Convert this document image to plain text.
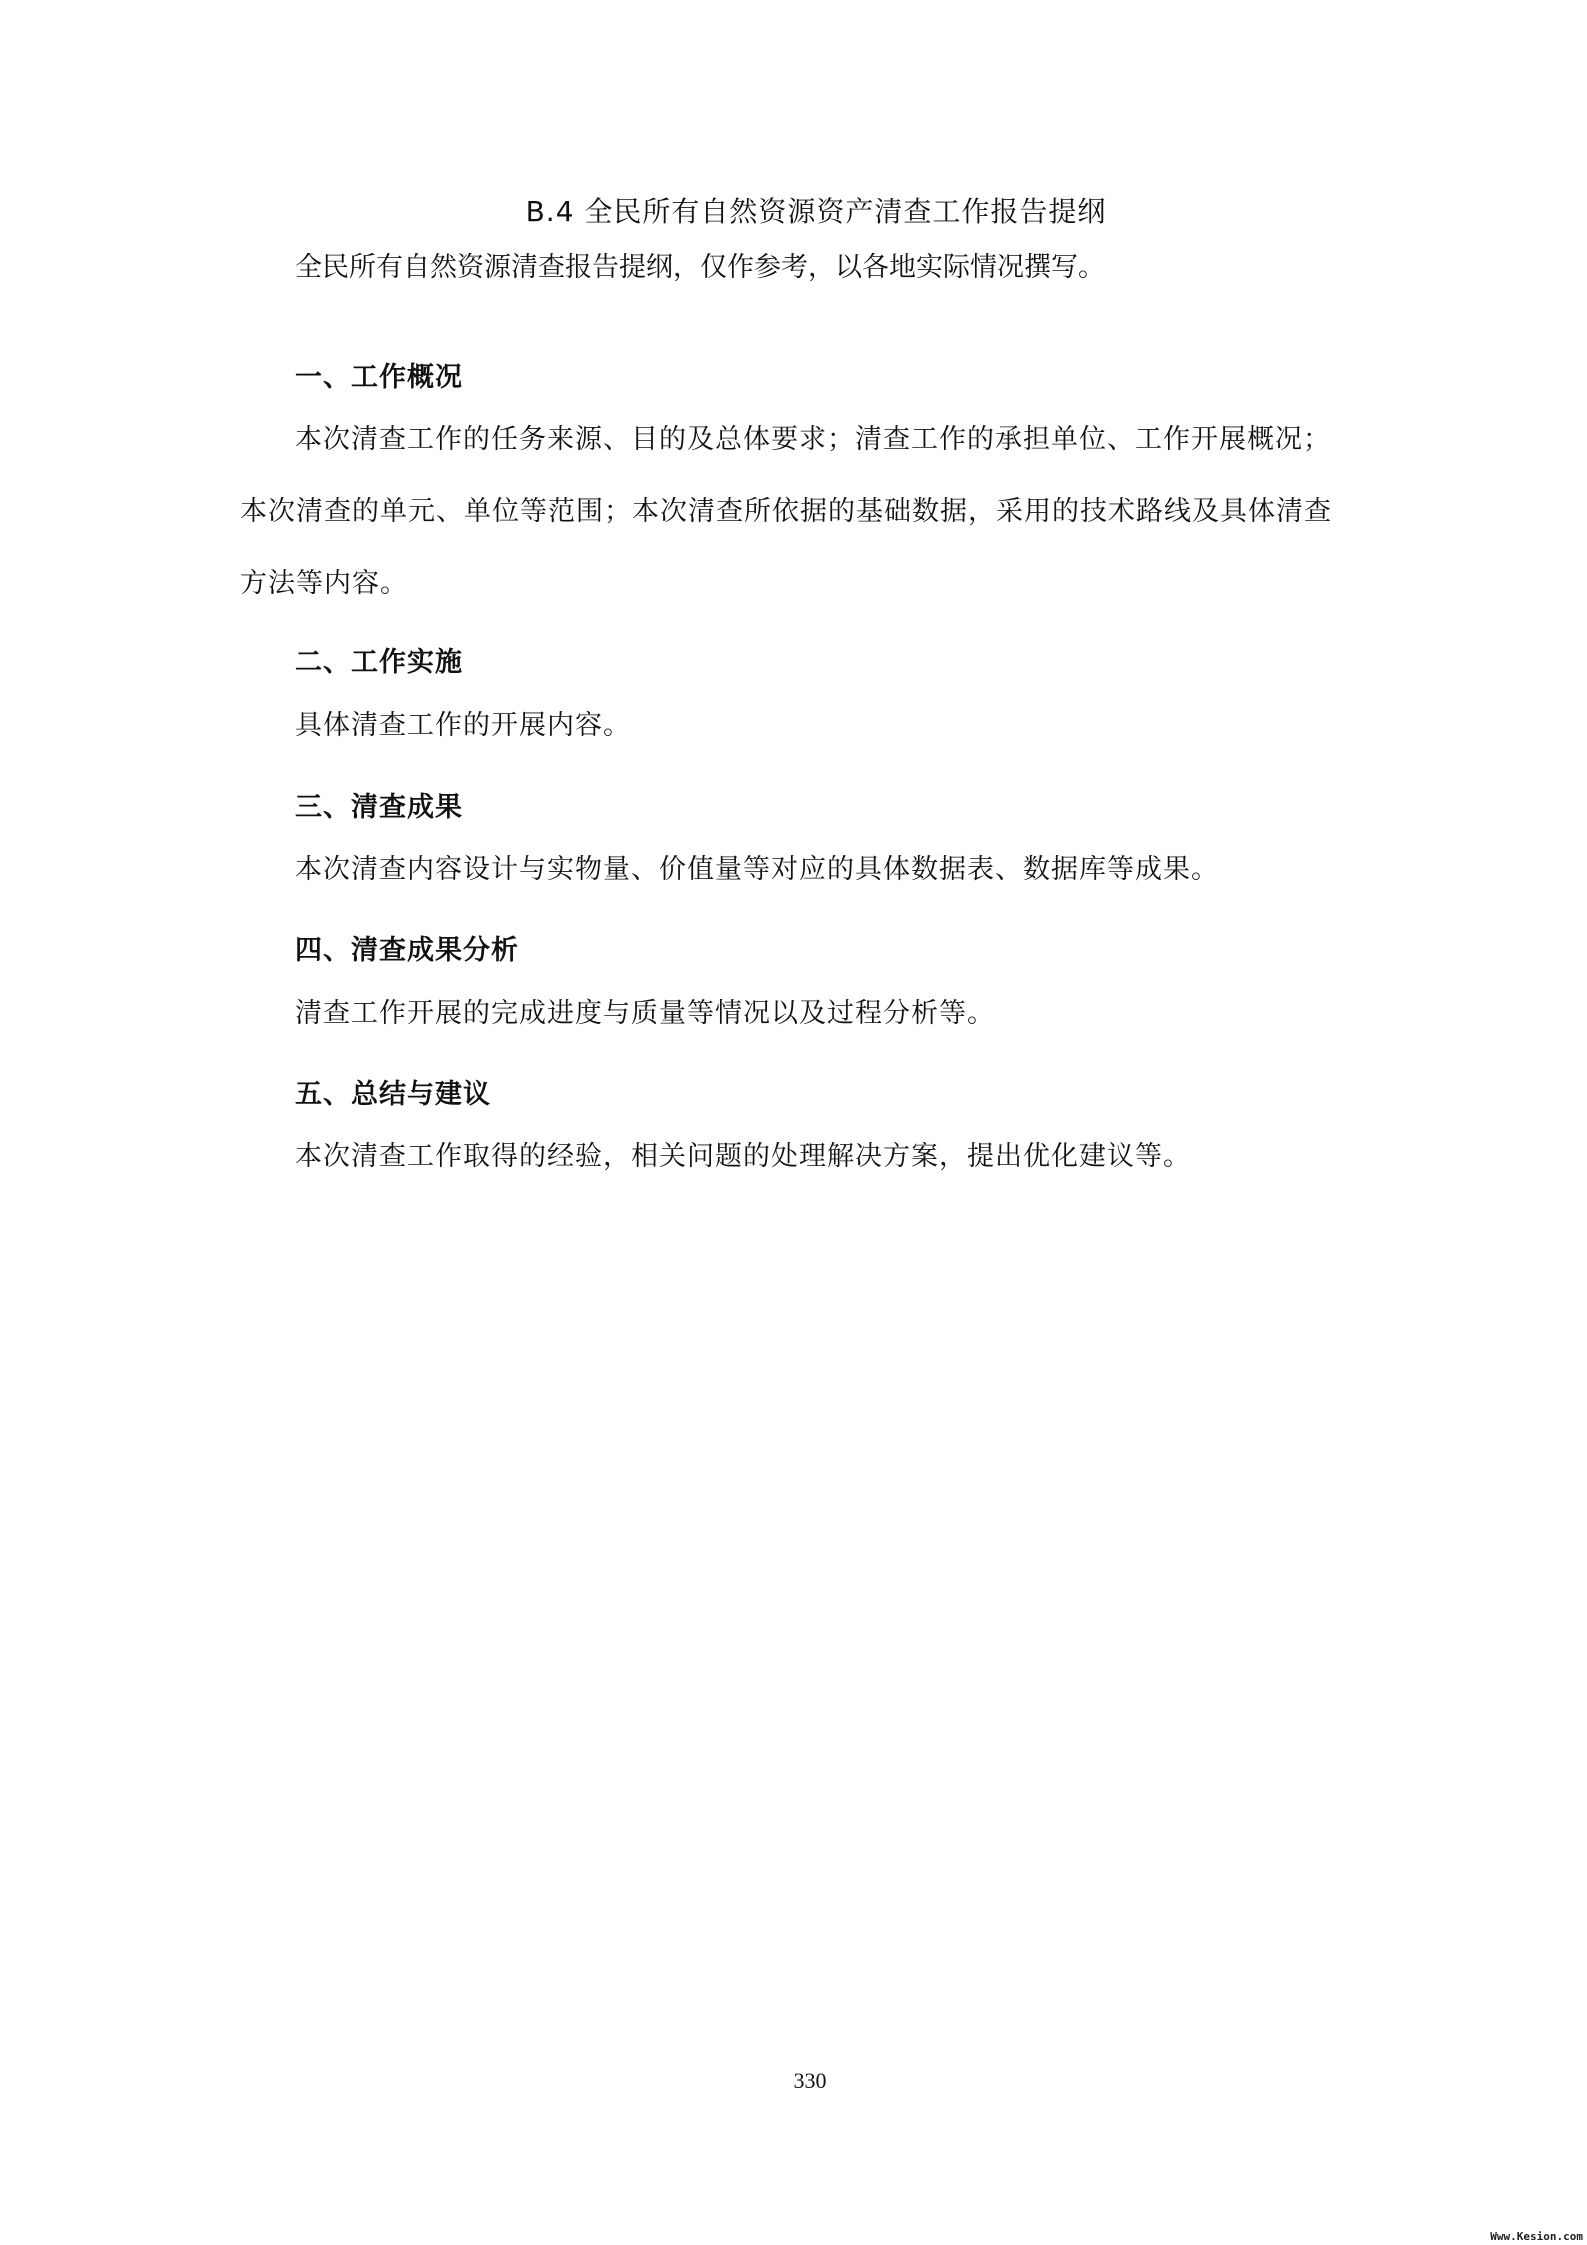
B.4 全民所有自然资源资产清查工作报告提纲

全民所有自然资源清查报告提纲，仅作参考，以各地实际情况撰写。

一、工作概况

本次清查工作的任务来源、目的及总体要求；清查工作的承担单位、工作开展概况；本次清查的单元、单位等范围；本次清查所依据的基础数据，采用的技术路线及具体清查方法等内容。

二、工作实施

具体清查工作的开展内容。

三、清查成果

本次清查内容设计与实物量、价值量等对应的具体数据表、数据库等成果。

四、清查成果分析

清查工作开展的完成进度与质量等情况以及过程分析等。

五、总结与建议

本次清查工作取得的经验，相关问题的处理解决方案，提出优化建议等。

330
Www.Kesion.com
